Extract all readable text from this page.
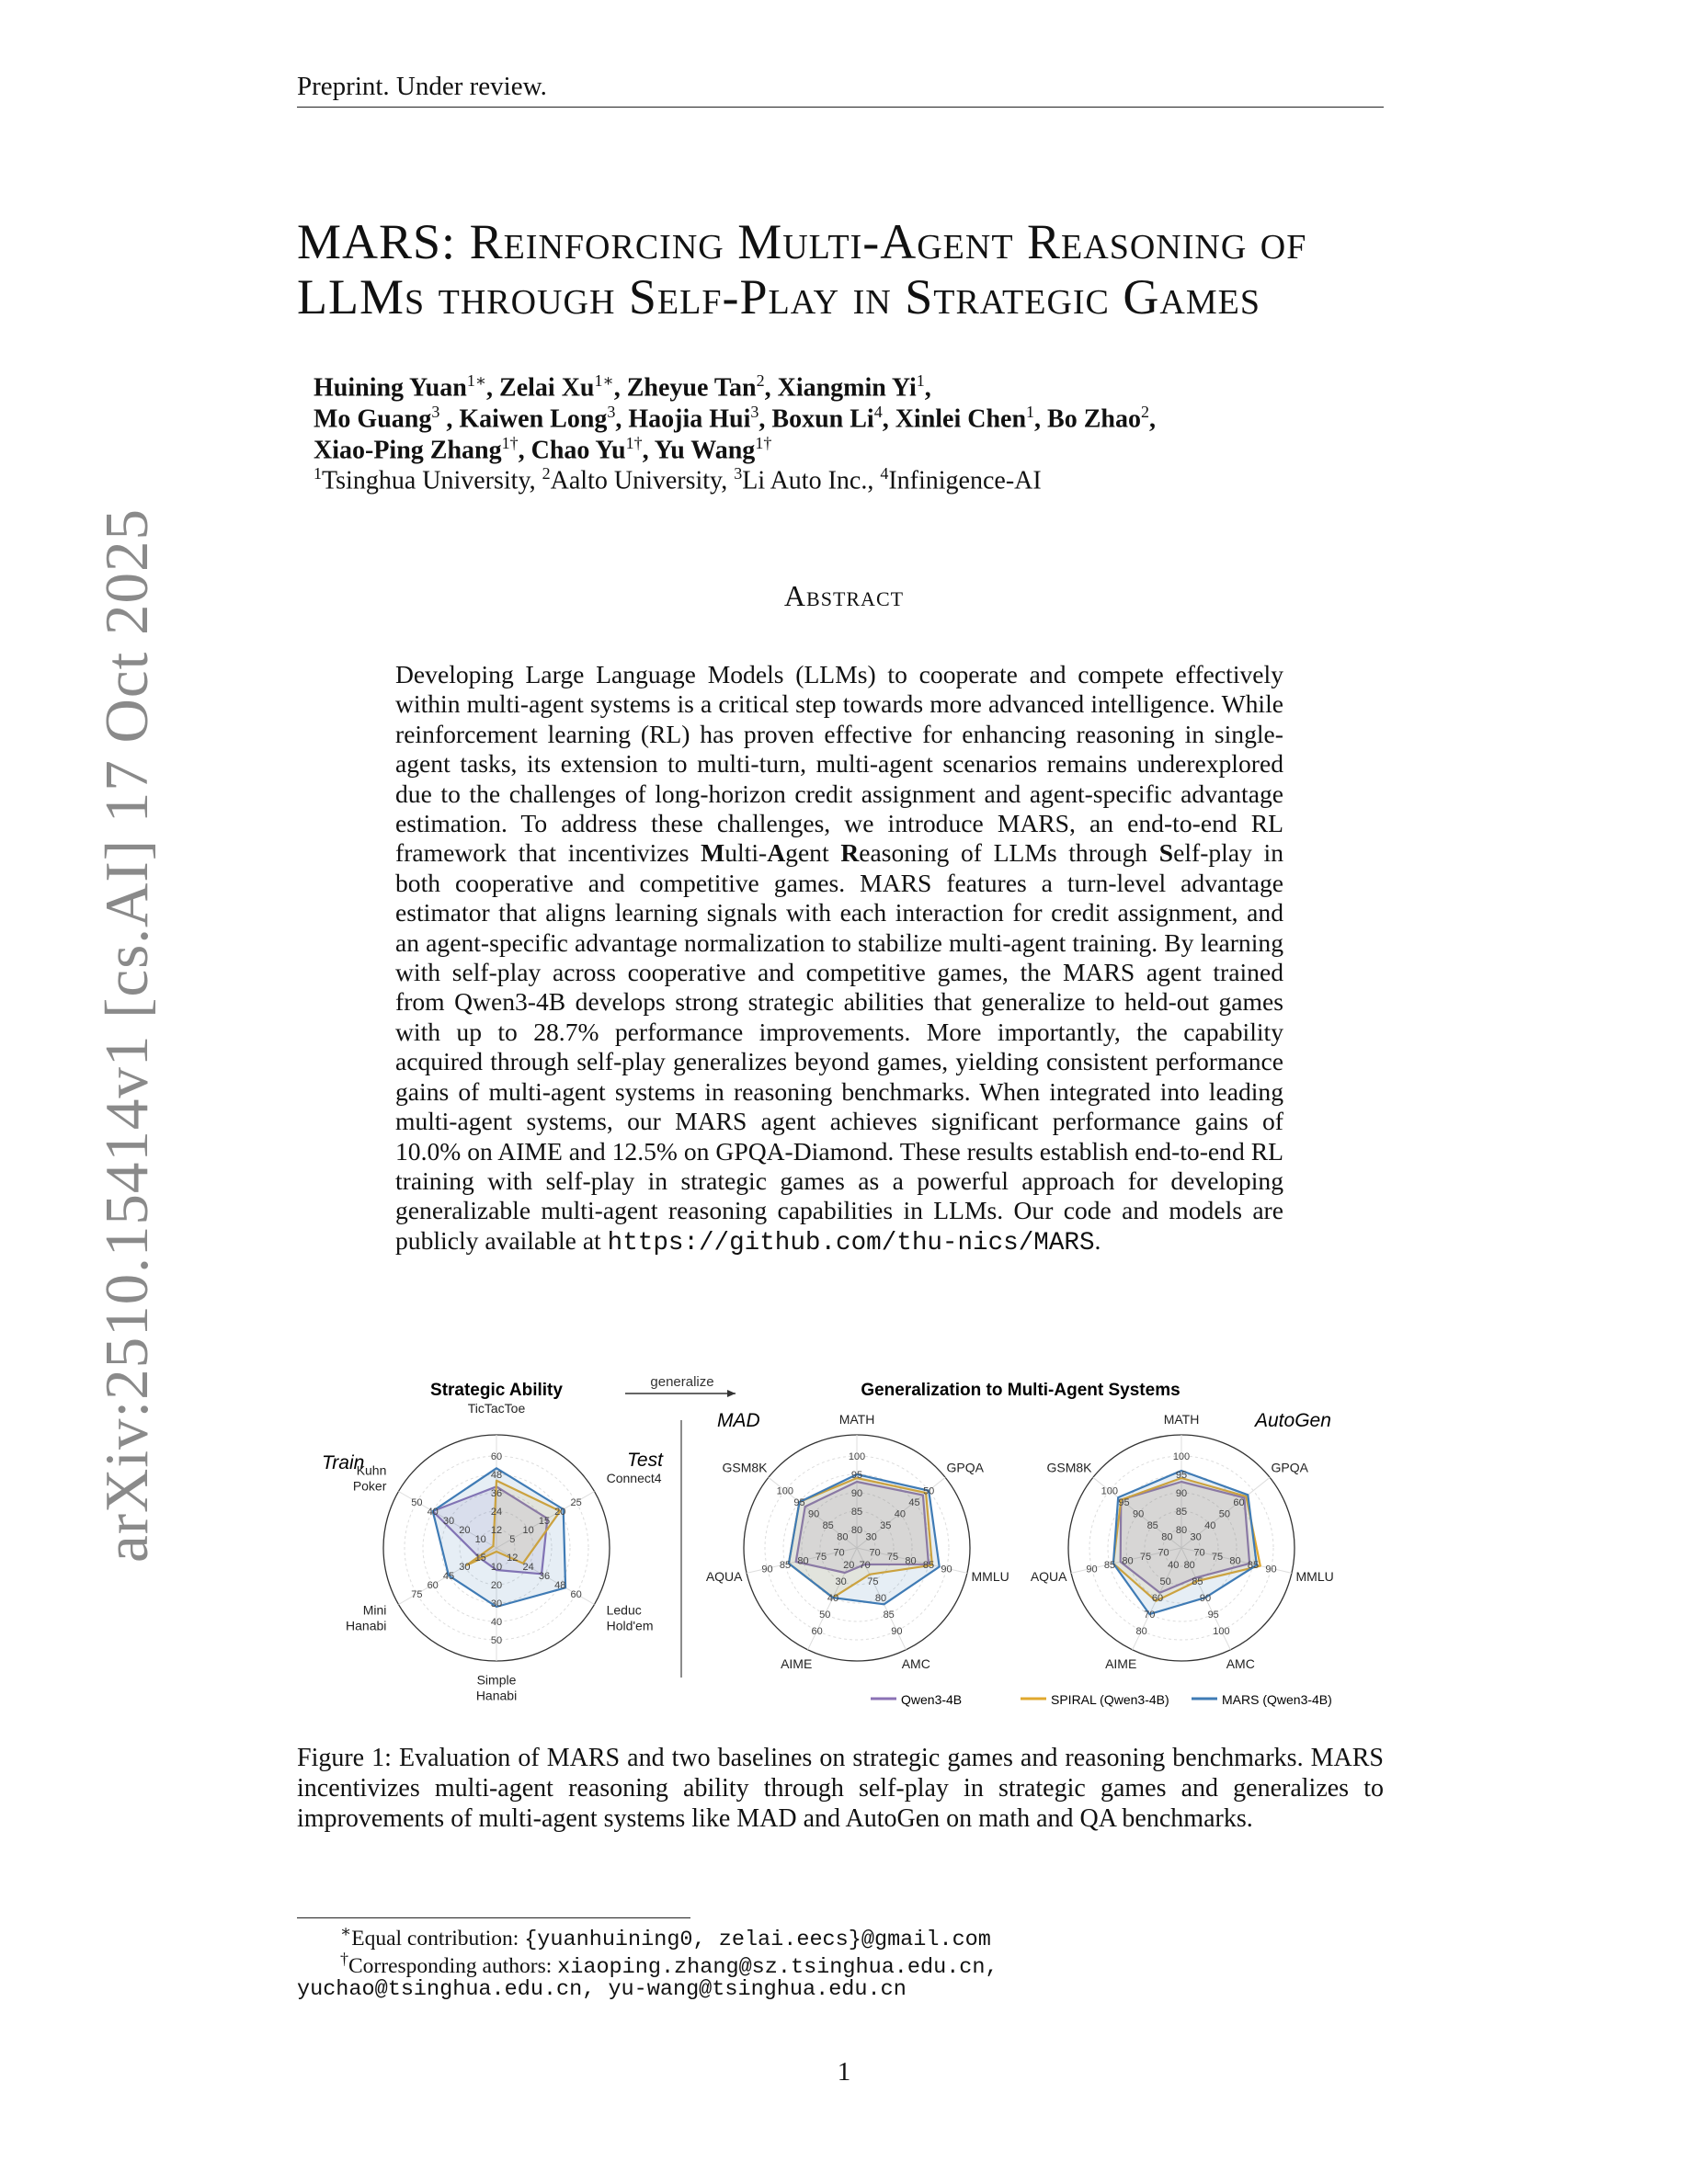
Preprint. Under review.
arXiv:2510.15414v1 [cs.AI] 17 Oct 2025
MARS: Reinforcing Multi-Agent Reasoning of
LLMs through Self-Play in Strategic Games
Huining Yuan$^{1∗}$, Zelai $Xu^{1∗}$, Zheyue Tan$^2$, Xiangmin Yi$^1$,
Mo Guang$^3$ , Kaiwen Long$^3$, Haojia Hui$^3$, Boxun Li$^4$, Xinlei Chen$^1$, Bo Zhao$^2$,
Xiao-Ping Zhang$^{1\dagger}$, Chao $Yu^{1\dagger}$, Yu Wang$^{1\dagger}$
$^1$Tsinghua University, $^2$Aalto University, $^3$Li Auto Inc., $^4$Infinigence-AI
Abstract
Developing Large Language Models (LLMs) to cooperate and compete effectively within multi-agent systems is a critical step towards more advanced intelligence. While reinforcement learning (RL) has proven effective for enhancing reasoning in single-agent tasks, its extension to multi-turn, multi-agent scenarios remains underexplored due to the challenges of long-horizon credit assignment and agent-specific advantage estimation. To address these challenges, we introduce MARS, an end-to-end RL framework that incentivizes Multi-Agent Reasoning of LLMs through Self-play in both cooperative and competitive games. MARS features a turn-level advantage estimator that aligns learning signals with each interaction for credit assignment, and an agent-specific advantage normalization to stabilize multi-agent training. By learning with self-play across cooperative and competitive games, the MARS agent trained from Qwen3-4B develops strong strategic abilities that generalize to held-out games with up to 28.7% performance improvements. More importantly, the capability acquired through self-play generalizes beyond games, yielding consistent performance gains of multi-agent systems in reasoning benchmarks. When integrated into leading multi-agent systems, our MARS agent achieves significant performance gains of 10.0% on AIME and 12.5% on GPQA-Diamond. These results establish end-to-end RL training with self-play in strategic games as a powerful approach for developing generalizable multi-agent reasoning capabilities in LLMs. Our code and models are publicly available at https://github.com/thu-nics/MARS.
Strategic Ability	generalize	Generalization to Multi-Agent Systems
Train	Test
MAD	AutoGen
12
24
36
48
60
5
10
15
20
25
12
24
36
48
60
10
20
30
40
50
15
30
45
60
75
10
20
30
40
50
TicTacToe
Connect4
Leduc
Hold'em
Simple
Hanabi
Mini
Hanabi
Kuhn
Poker
80
85
90
95
100
30
35
40
45
50
70 75 80 85 90
70
75
80
85
90
20
30
40
50
60
70
75
80
85
90
80
85
90
95
100
MATH
GPQA
MMLU
AMC
AIME
AQUA
GSM8K
80
85
90
95
100
30
40
50
60
70 75 80 85 90
80
85
90
95
100
40
50
60
70
80
70
75
80
85
90
80
85
90
95
100
MATH
GPQA
MMLU
AMC
AIME
AQUA
GSM8K
Qwen3-4B	SPIRAL (Qwen3-4B)	MARS (Qwen3-4B)
Figure 1: Evaluation of MARS and two baselines on strategic games and reasoning benchmarks. MARS incentivizes multi-agent reasoning ability through self-play in strategic games and generalizes to improvements of multi-agent systems like MAD and AutoGen on math and QA benchmarks.
∗Equal contribution: {yuanhuining0, zelai.eecs}@gmail.com
†Corresponding authors: xiaoping.zhang@sz.tsinghua.edu.cn,
yuchao@tsinghua.edu.cn, yu-wang@tsinghua.edu.cn
1
